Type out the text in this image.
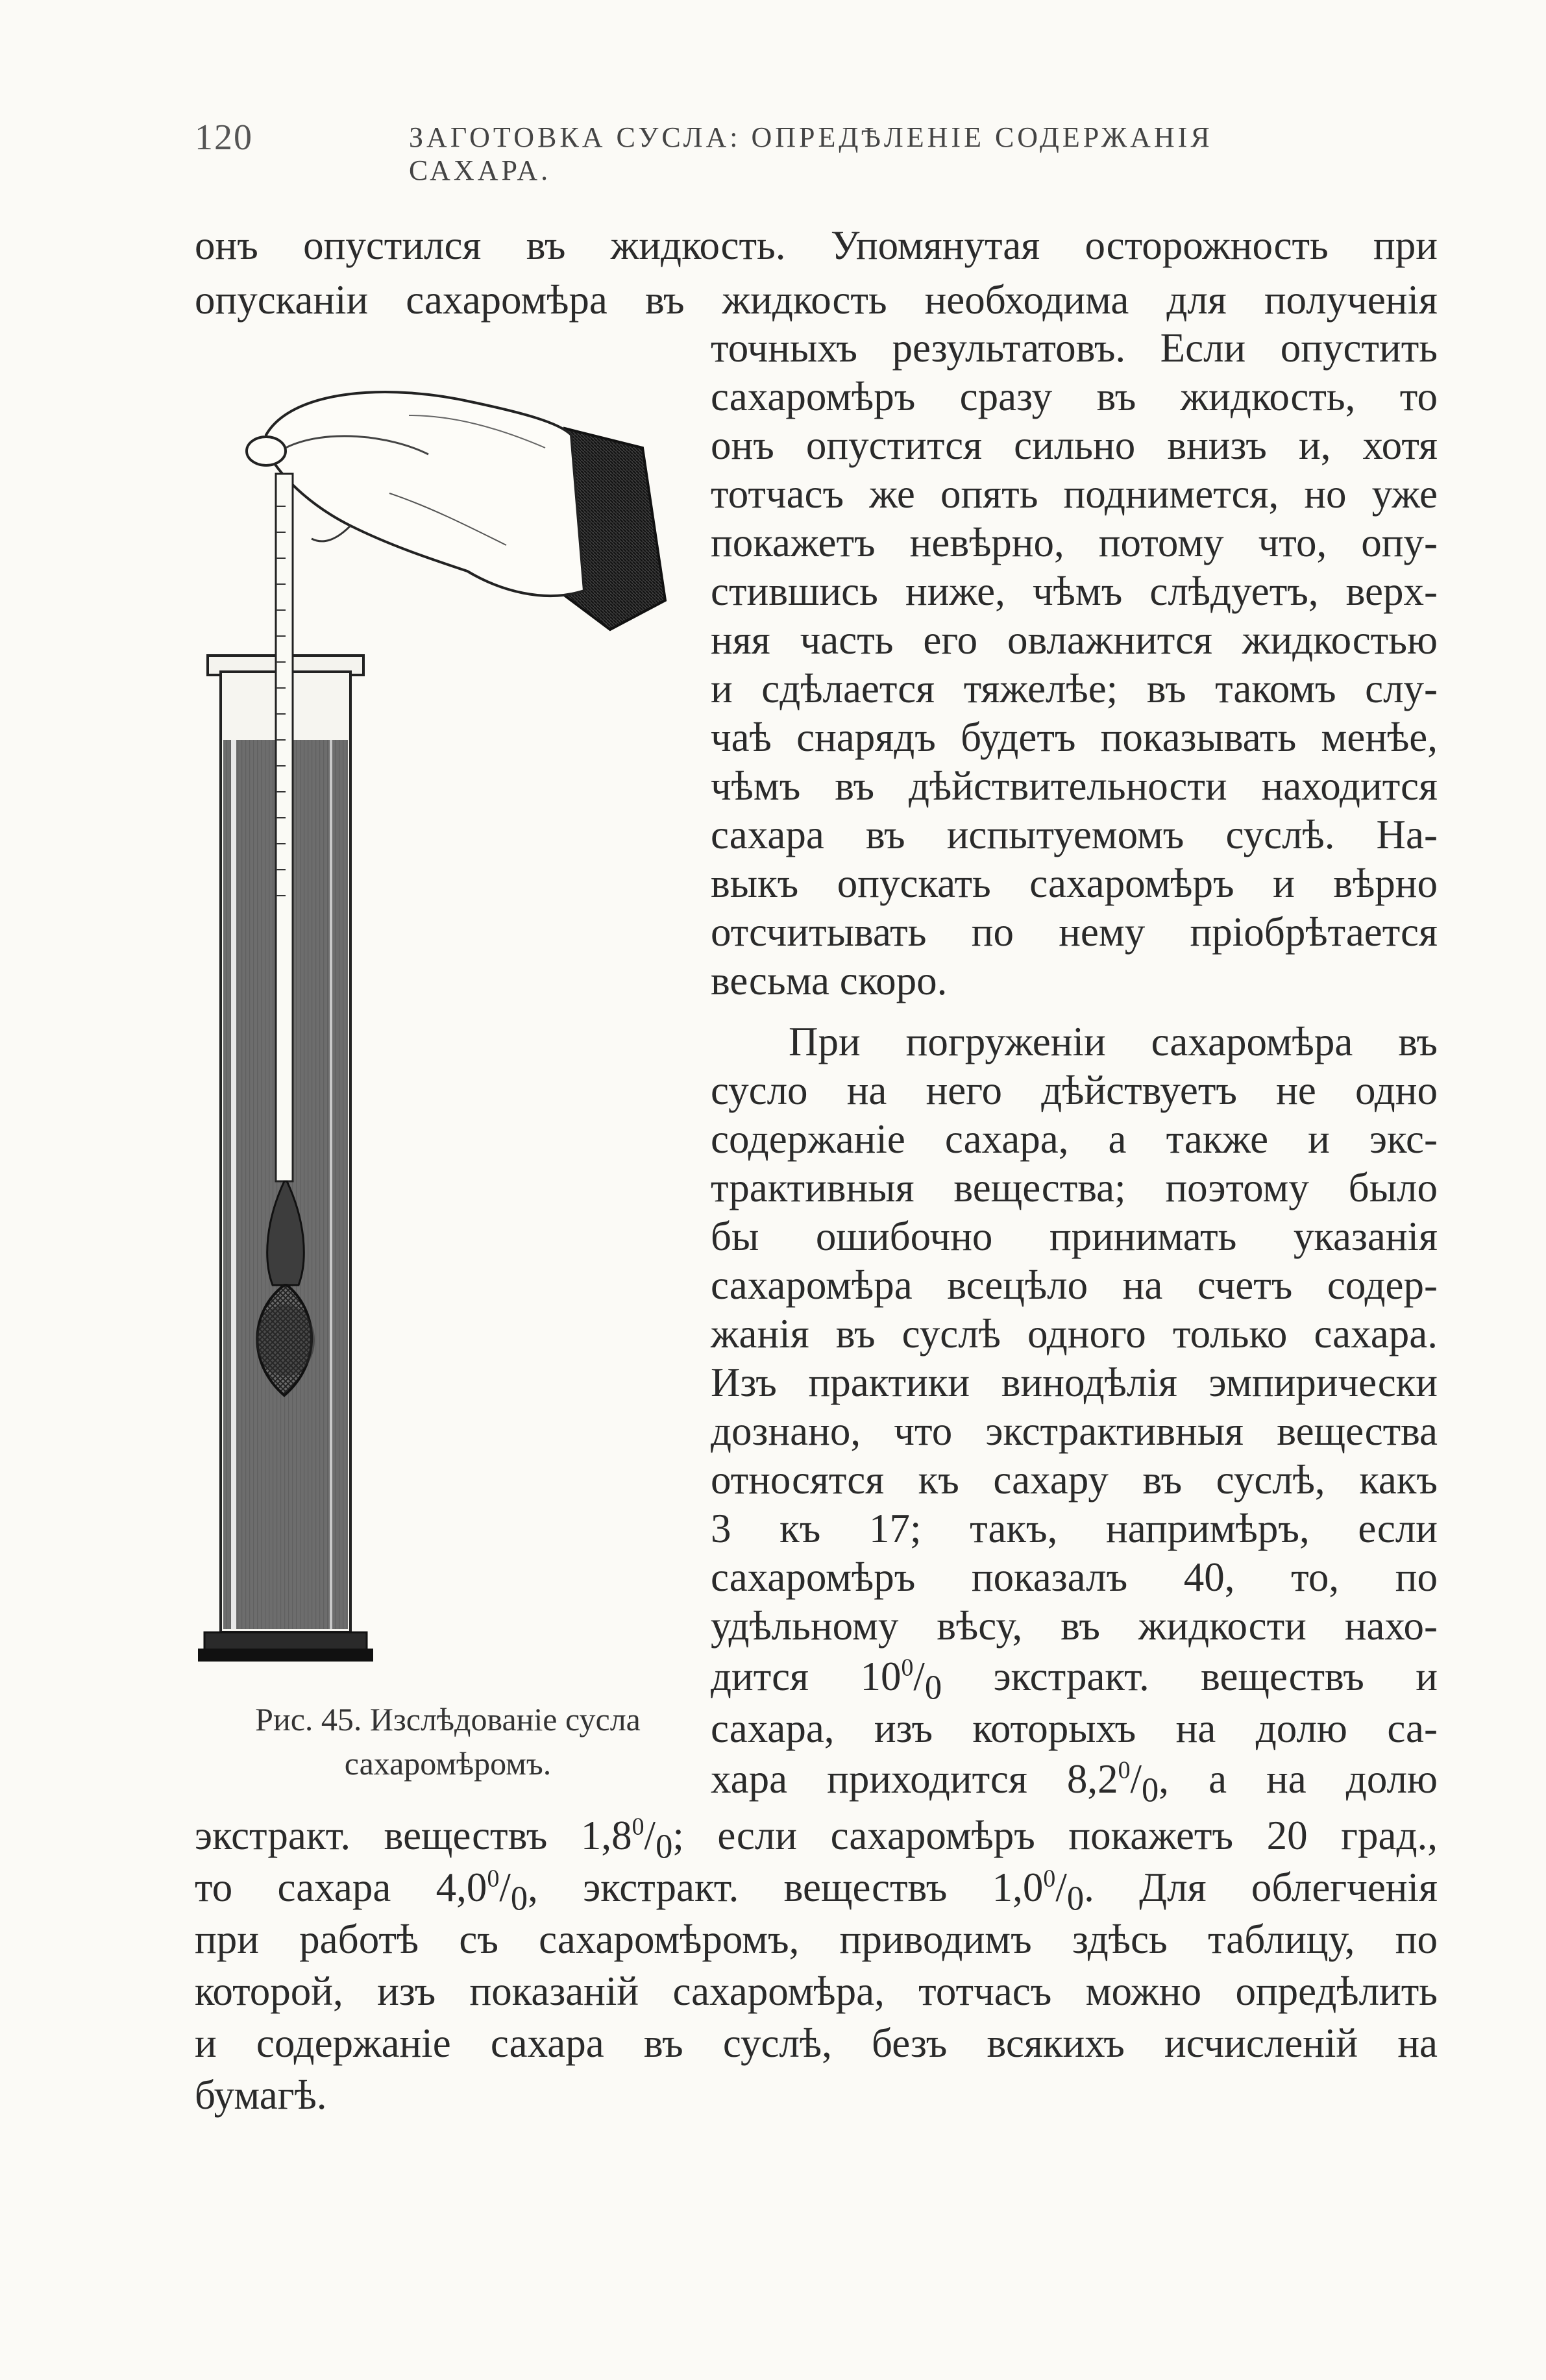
120	ЗАГОТОВКА СУСЛА: ОПРЕДѢЛЕНІЕ СОДЕРЖАНІЯ САХАРА.
онъ опустился въ жидкость. Упомянутая осторожность при
опусканіи сахаромѣра въ жидкость необходима для полученія
точныхъ результатовъ. Если опустить
сахаромѣръ сразу въ жидкость, то
онъ опустится сильно внизъ и, хотя
тотчасъ же опять поднимется, но уже
покажетъ невѣрно, потому что, опу-
стившись ниже, чѣмъ слѣдуетъ, верх-
няя часть его овлажнится жидкостью
и сдѣлается тяжелѣе; въ такомъ слу-
чаѣ снарядъ будетъ показывать менѣе,
чѣмъ въ дѣйствительности находится
сахара въ испытуемомъ суслѣ. На-
выкъ опускать сахаромѣръ и вѣрно
отсчитывать по нему пріобрѣтается
весьма скоро.
При погруженіи сахаромѣра въ
сусло на него дѣйствуетъ не одно
содержаніе сахара, а также и экс-
трактивныя вещества; поэтому было
бы ошибочно принимать указанія
сахаромѣра всецѣло на счетъ содер-
жанія въ суслѣ одного только сахара.
Изъ практики винодѣлія эмпирически
дознано, что экстрактивныя вещества
относятся къ сахару въ суслѣ, какъ
3 къ 17; такъ, напримѣръ, если
сахаромѣръ показалъ 40, то, по
удѣльному вѣсу, въ жидкости нахо-
дится $10^0/_0$ экстракт. веществъ и
сахара, изъ которыхъ на долю са-
хара приходится $8,2^0/_0$, а на долю
экстракт. веществъ $1,8^0/_0$; если сахаромѣръ покажетъ 20 град.,
то сахара $4,0^0/_0$, экстракт. веществъ $1,0^0/_0$. Для облегченія
при работѣ съ сахаромѣромъ, приводимъ здѣсь таблицу, по
которой, изъ показаній сахаромѣра, тотчасъ можно опредѣлить
и содержаніе сахара въ суслѣ, безъ всякихъ исчисленій на
бумагѣ.
Рис. 45. Изслѣдованіе сусла
сахаромѣромъ.
